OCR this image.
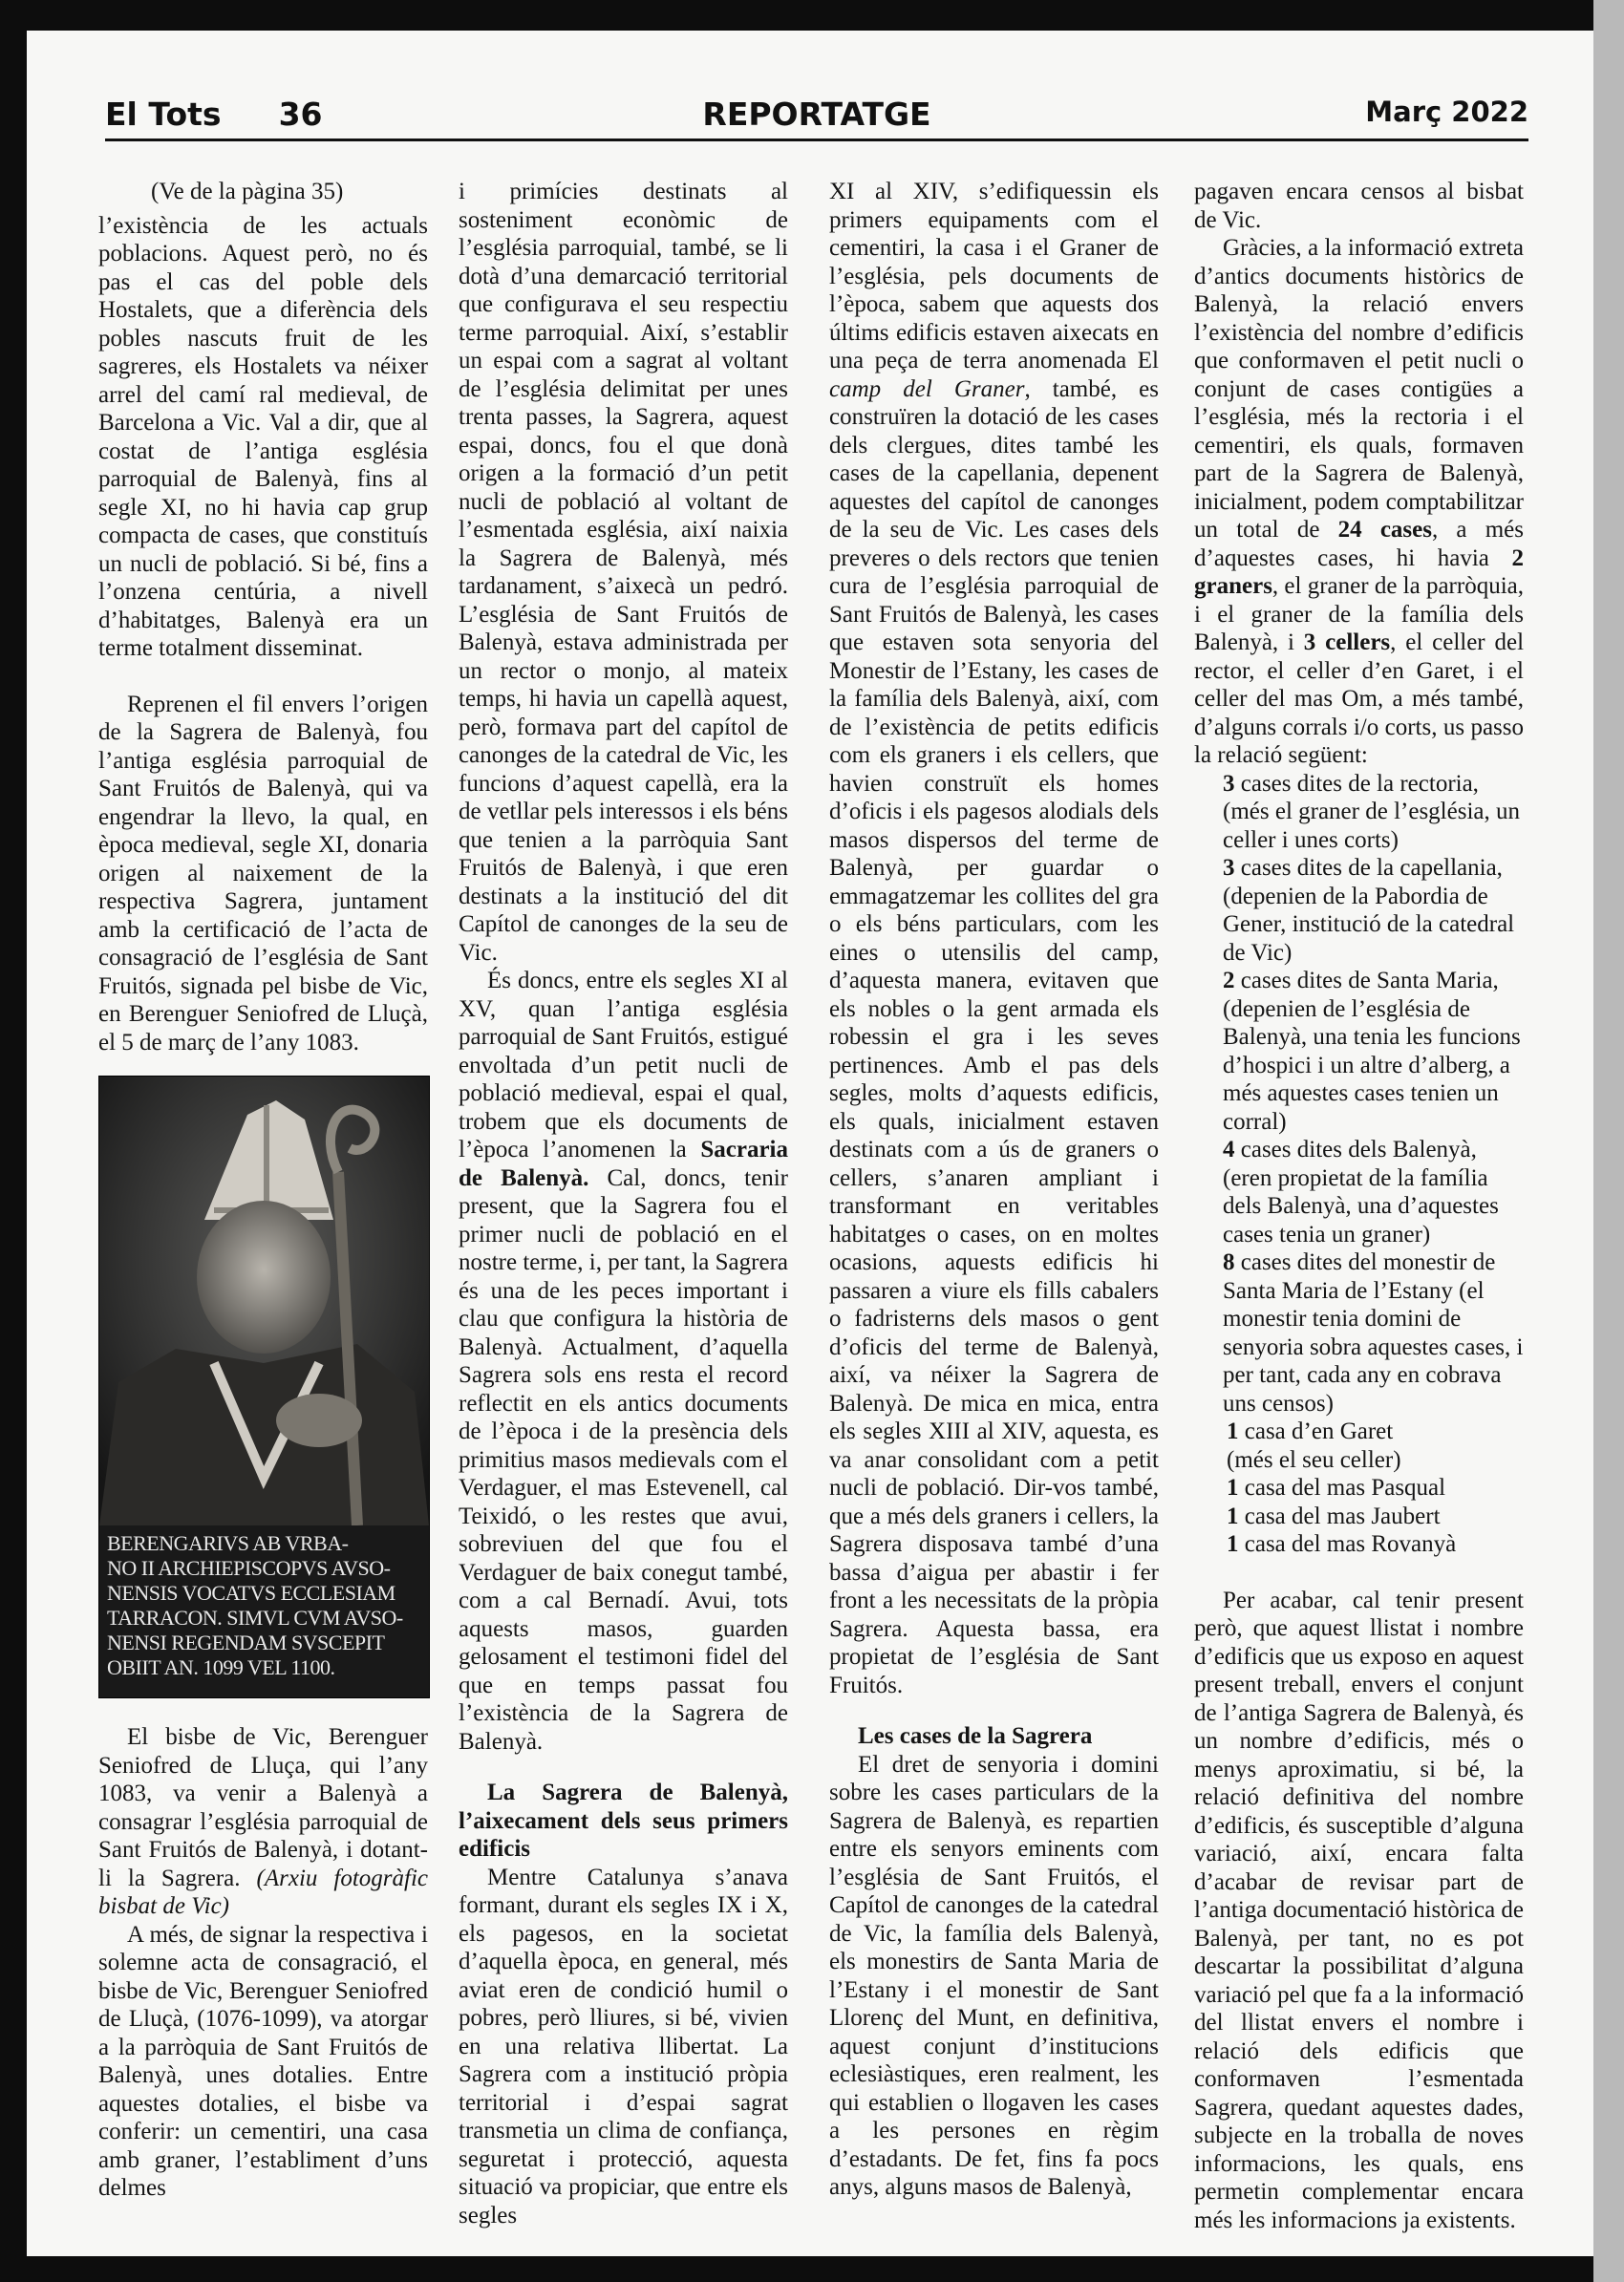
REPORTATGE
El Tots 36	Març 2022

(Ve de la pàgina 35)

l’existència de les actuals poblacions. Aquest però, no és pas el cas del poble dels Hostalets, que a diferència dels pobles nascuts fruit de les sagreres, els Hostalets va néixer arrel del camí ral medieval, de Barcelona a Vic. Val a dir, que al costat de l’antiga església parroquial de Balenyà, fins al segle XI, no hi havia cap grup compacta de cases, que constituís un nucli de població. Si bé, fins a l’onzena centúria, a nivell d’habitatges, Balenyà era un terme totalment disseminat.

Reprenen el fil envers l’origen de la Sagrera de Balenyà, fou l’antiga església parroquial de Sant Fruitós de Balenyà, qui va engendrar la llevo, la qual, en època medieval, segle XI, donaria origen al naixement de la respectiva Sagrera, juntament amb la certificació de l’acta de consagració de l’església de Sant Fruitós, signada pel bisbe de Vic, en Berenguer Seniofred de Lluçà, el 5 de març de l’any 1083.

BERENGARIVS AB VRBA-
NO II ARCHIEPISCOPVS AVSO-
NENSIS VOCATVS ECCLESIAM
TARRACON. SIMVL CVM AVSO-
NENSI REGENDAM SVSCEPIT
OBIIT AN. 1099 VEL 1100.

El bisbe de Vic, Berenguer Seniofred de Lluça, qui l’any 1083, va venir a Balenyà a consagrar l’església parroquial de Sant Fruitós de Balenyà, i dotant-li la Sagrera. (Arxiu fotogràfic bisbat de Vic)

A més, de signar la respectiva i solemne acta de consagració, el bisbe de Vic, Berenguer Seniofred de Lluçà, (1076-1099), va atorgar a la parròquia de Sant Fruitós de Balenyà, unes dotalies. Entre aquestes dotalies, el bisbe va conferir: un cementiri, una casa amb graner, l’establiment d’uns delmes

i primícies destinats al sosteniment econòmic de l’església parroquial, també, se li dotà d’una demarcació territorial que configurava el seu respectiu terme parroquial. Així, s’establir un espai com a sagrat al voltant de l’església delimitat per unes trenta passes, la Sagrera, aquest espai, doncs, fou el que donà origen a la formació d’un petit nucli de població al voltant de l’esmentada església, així naixia la Sagrera de Balenyà, més tardanament, s’aixecà un pedró. L’església de Sant Fruitós de Balenyà, estava administrada per un rector o monjo, al mateix temps, hi havia un capellà aquest, però, formava part del capítol de canonges de la catedral de Vic, les funcions d’aquest capellà, era la de vetllar pels interessos i els béns que tenien a la parròquia Sant Fruitós de Balenyà, i que eren destinats a la institució del dit Capítol de canonges de la seu de Vic.

És doncs, entre els segles XI al XV, quan l’antiga església parroquial de Sant Fruitós, estigué envoltada d’un petit nucli de població medieval, espai el qual, trobem que els documents de l’època l’anomenen la Sacraria de Balenyà. Cal, doncs, tenir present, que la Sagrera fou el primer nucli de població en el nostre terme, i, per tant, la Sagrera és una de les peces important i clau que configura la història de Balenyà. Actualment, d’aquella Sagrera sols ens resta el record reflectit en els antics documents de l’època i de la presència dels primitius masos medievals com el Verdaguer, el mas Estevenell, cal Teixidó, o les restes que avui, sobreviuen del que fou el Verdaguer de baix conegut també, com a cal Bernadí. Avui, tots aquests masos, guarden gelosament el testimoni fidel del que en temps passat fou l’existència de la Sagrera de Balenyà.

La Sagrera de Balenyà, l’aixecament dels seus primers edificis

Mentre Catalunya s’anava formant, durant els segles IX i X, els pagesos, en la societat d’aquella època, en general, més aviat eren de condició humil o pobres, però lliures, si bé, vivien en una relativa llibertat. La Sagrera com a institució pròpia territorial i d’espai sagrat transmetia un clima de confiança, seguretat i protecció, aquesta situació va propiciar, que entre els segles

XI al XIV, s’edifiquessin els primers equipaments com el cementiri, la casa i el Graner de l’església, pels documents de l’època, sabem que aquests dos últims edificis estaven aixecats en una peça de terra anomenada El camp del Graner, també, es construïren la dotació de les cases dels clergues, dites també les cases de la capellania, depenent aquestes del capítol de canonges de la seu de Vic. Les cases dels preveres o dels rectors que tenien cura de l’església parroquial de Sant Fruitós de Balenyà, les cases que estaven sota senyoria del Monestir de l’Estany, les cases de la família dels Balenyà, així, com de l’existència de petits edificis com els graners i els cellers, que havien construït els homes d’oficis i els pagesos alodials dels masos dispersos del terme de Balenyà, per guardar o emmagatzemar les collites del gra o els béns particulars, com les eines o utensilis del camp, d’aquesta manera, evitaven que els nobles o la gent armada els robessin el gra i les seves pertinences. Amb el pas dels segles, molts d’aquests edificis, els quals, inicialment estaven destinats com a ús de graners o cellers, s’anaren ampliant i transformant en veritables habitatges o cases, on en moltes ocasions, aquests edificis hi passaren a viure els fills cabalers o fadristerns dels masos o gent d’oficis del terme de Balenyà, així, va néixer la Sagrera de Balenyà. De mica en mica, entra els segles XIII al XIV, aquesta, es va anar consolidant com a petit nucli de població. Dir-vos també, que a més dels graners i cellers, la Sagrera disposava també d’una bassa d’aigua per abastir i fer front a les necessitats de la pròpia Sagrera. Aquesta bassa, era propietat de l’església de Sant Fruitós.

Les cases de la Sagrera

El dret de senyoria i domini sobre les cases particulars de la Sagrera de Balenyà, es repartien entre els senyors eminents com l’església de Sant Fruitós, el Capítol de canonges de la catedral de Vic, la família dels Balenyà, els monestirs de Santa Maria de l’Estany i el monestir de Sant Llorenç del Munt, en definitiva, aquest conjunt d’institucions eclesiàstiques, eren realment, les qui establien o llogaven les cases a les persones en règim d’estadants. De fet, fins fa pocs anys, alguns masos de Balenyà,

pagaven encara censos al bisbat de Vic.

Gràcies, a la informació extreta d’antics documents històrics de Balenyà, la relació envers l’existència del nombre d’edificis que conformaven el petit nucli o conjunt de cases contigües a l’església, més la rectoria i el cementiri, els quals, formaven part de la Sagrera de Balenyà, inicialment, podem comptabilitzar un total de 24 cases, a més d’aquestes cases, hi havia 2 graners, el graner de la parròquia, i el graner de la família dels Balenyà, i 3 cellers, el celler del rector, el celler d’en Garet, i el celler del mas Om, a més també, d’alguns corrals i/o corts, us passo la relació següent:

3 cases dites de la rectoria, (més el graner de l’església, un celler i unes corts)
3 cases dites de la capellania, (depenien de la Pabordia de Gener, institució de la catedral de Vic)
2 cases dites de Santa Maria, (depenien de l’església de Balenyà, una tenia les funcions d’hospici i un altre d’alberg, a més aquestes cases tenien un corral)
4 cases dites dels Balenyà, (eren propietat de la família dels Balenyà, una d’aquestes cases tenia un graner)
8 cases dites del monestir de Santa Maria de l’Estany (el monestir tenia domini de senyoria sobra aquestes cases, i per tant, cada any en cobrava uns censos)
1 casa d’en Garet
(més el seu celler)
1 casa del mas Pasqual
1 casa del mas Jaubert
1 casa del mas Rovanyà

Per acabar, cal tenir present però, que aquest llistat i nombre d’edificis que us exposo en aquest present treball, envers el conjunt de l’antiga Sagrera de Balenyà, és un nombre d’edificis, més o menys aproximatiu, si bé, la relació definitiva del nombre d’edificis, és susceptible d’alguna variació, així, encara falta d’acabar de revisar part de l’antiga documentació històrica de Balenyà, per tant, no es pot descartar la possibilitat d’alguna variació pel que fa a la informació del llistat envers el nombre i relació dels edificis que conformaven l’esmentada Sagrera, quedant aquestes dades, subjecte en la troballa de noves informacions, les quals, ens permetin complementar encara més les informacions ja existents.
